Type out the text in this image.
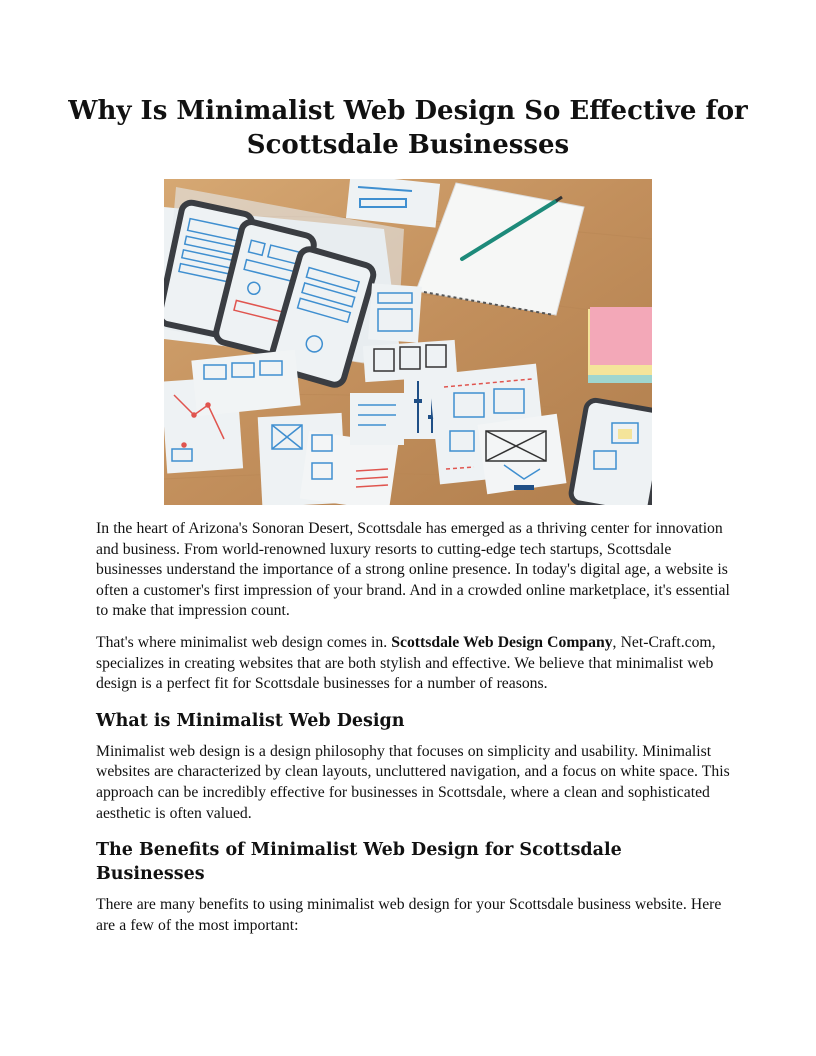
Why Is Minimalist Web Design So Effective for Scottsdale Businesses

In the heart of Arizona's Sonoran Desert, Scottsdale has emerged as a thriving center for innovation and business. From world-renowned luxury resorts to cutting-edge tech startups, Scottsdale businesses understand the importance of a strong online presence. In today's digital age, a website is often a customer's first impression of your brand. And in a crowded online marketplace, it's essential to make that impression count.

That's where minimalist web design comes in. Scottsdale Web Design Company, Net-Craft.com, specializes in creating websites that are both stylish and effective. We believe that minimalist web design is a perfect fit for Scottsdale businesses for a number of reasons.

What is Minimalist Web Design

Minimalist web design is a design philosophy that focuses on simplicity and usability. Minimalist websites are characterized by clean layouts, uncluttered navigation, and a focus on white space. This approach can be incredibly effective for businesses in Scottsdale, where a clean and sophisticated aesthetic is often valued.

The Benefits of Minimalist Web Design for Scottsdale Businesses

There are many benefits to using minimalist web design for your Scottsdale business website. Here are a few of the most important:
